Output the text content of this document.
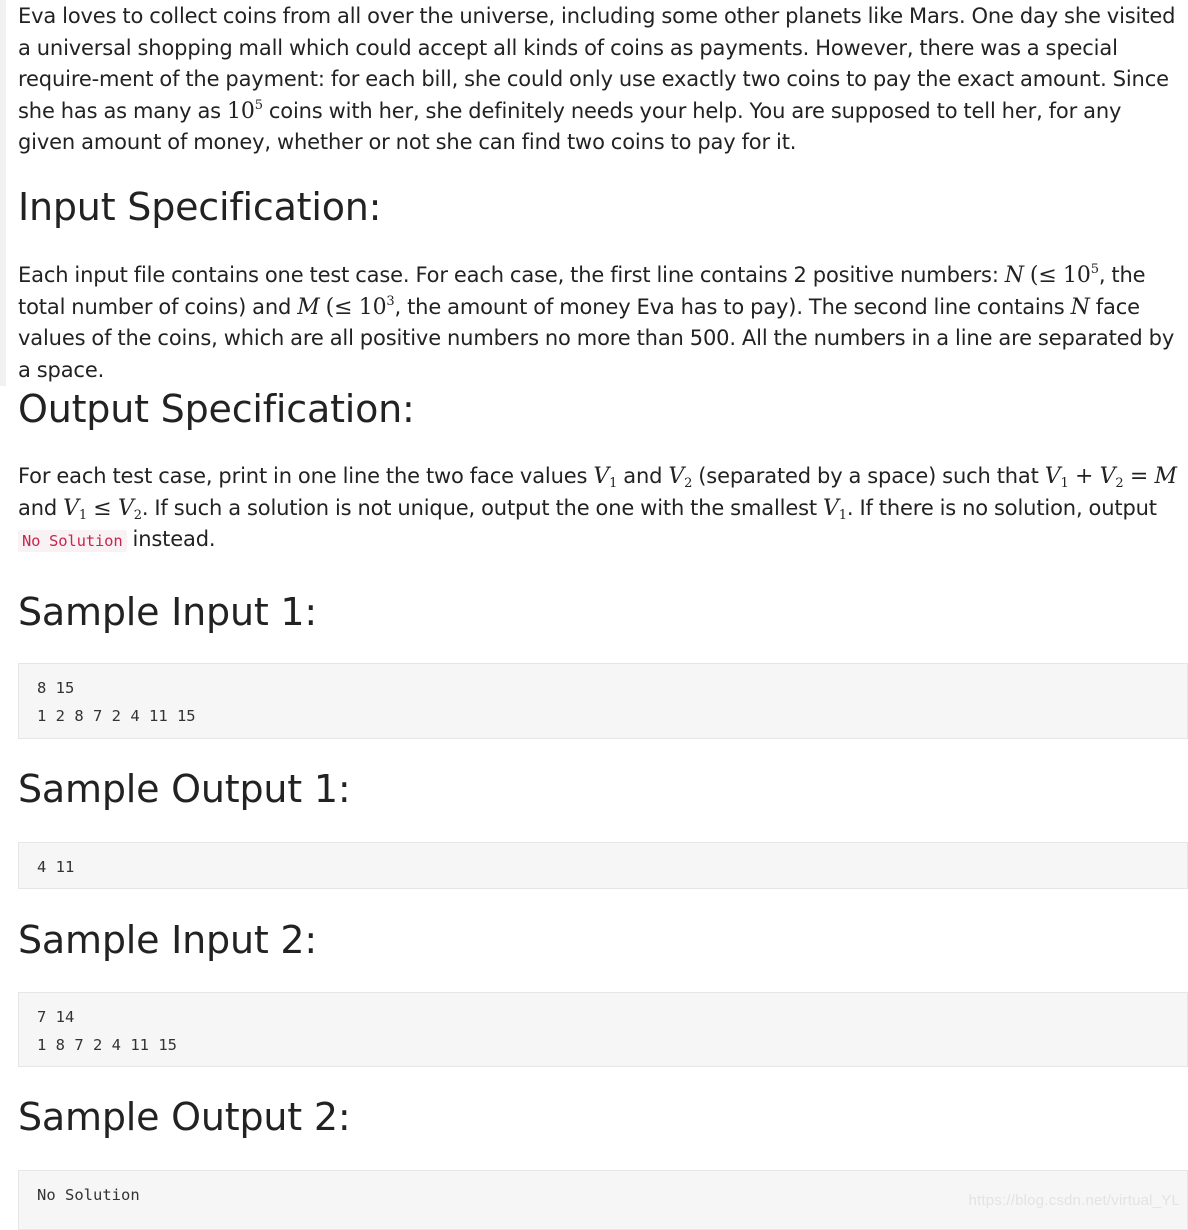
Eva loves to collect coins from all over the universe, including some other planets like Mars. One day she visited a universal shopping mall which could accept all kinds of coins as payments. However, there was a special require-ment of the payment: for each bill, she could only use exactly two coins to pay the exact amount. Since she has as many as $10^5$ coins with her, she definitely needs your help. You are supposed to tell her, for any given amount of money, whether or not she can find two coins to pay for it.

Input Specification:

Each input file contains one test case. For each case, the first line contains 2 positive numbers: N (≤ $10^5$, the total number of coins) and M (≤ $10^3$, the amount of money Eva has to pay). The second line contains N face values of the coins, which are all positive numbers no more than 500. All the numbers in a line are separated by a space.

Output Specification:

For each test case, print in one line the two face values $V_1$ and $V_2$ (separated by a space) such that $V_1 + V_2 = M$ and $V_1 \le V_2$. If such a solution is not unique, output the one with the smallest $V_1$. If there is no solution, output No Solution instead.

Sample Input 1:
8 15
1 2 8 7 2 4 11 15
Sample Output 1:
4 11
Sample Input 2:
7 14
1 8 7 2 4 11 15
Sample Output 2:
No Solution	https://blog.csdn.net/virtual_YL
